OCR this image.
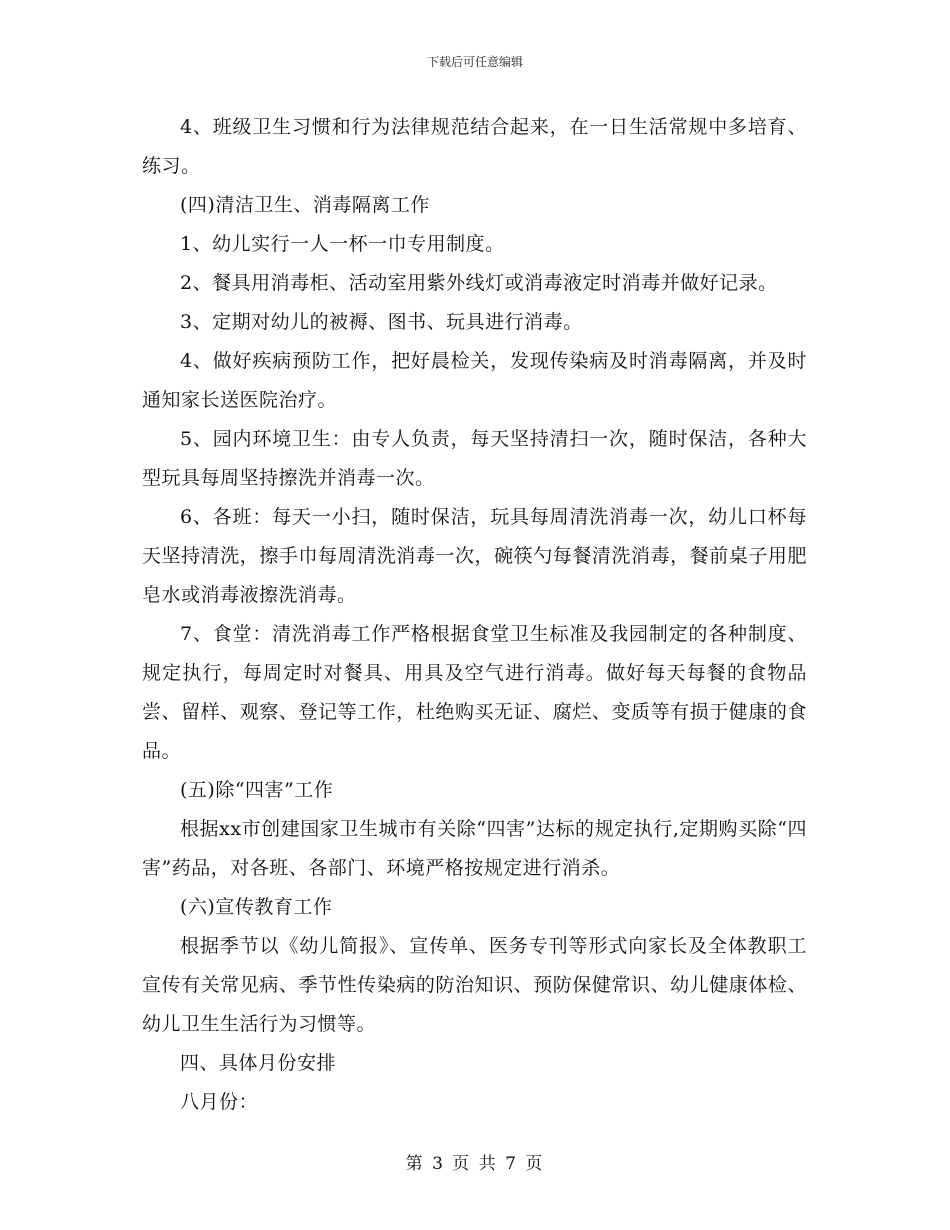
下载后可任意编辑

4、班级卫生习惯和行为法律规范结合起来，在一日生活常规中多培育、练习。

(四)清洁卫生、消毒隔离工作

1、幼儿实行一人一杯一巾专用制度。

2、餐具用消毒柜、活动室用紫外线灯或消毒液定时消毒并做好记录。

3、定期对幼儿的被褥、图书、玩具进行消毒。

4、做好疾病预防工作，把好晨检关，发现传染病及时消毒隔离，并及时通知家长送医院治疗。

5、园内环境卫生：由专人负责，每天坚持清扫一次，随时保洁，各种大型玩具每周坚持擦洗并消毒一次。

6、各班：每天一小扫，随时保洁，玩具每周清洗消毒一次，幼儿口杯每天坚持清洗，擦手巾每周清洗消毒一次，碗筷勺每餐清洗消毒，餐前桌子用肥皂水或消毒液擦洗消毒。

7、食堂：清洗消毒工作严格根据食堂卫生标准及我园制定的各种制度、规定执行，每周定时对餐具、用具及空气进行消毒。做好每天每餐的食物品尝、留样、观察、登记等工作，杜绝购买无证、腐烂、变质等有损于健康的食品。

(五)除“四害”工作

根据xx市创建国家卫生城市有关除“四害”达标的规定执行,定期购买除“四害”药品，对各班、各部门、环境严格按规定进行消杀。

(六)宣传教育工作

根据季节以《幼儿简报》、宣传单、医务专刊等形式向家长及全体教职工宣传有关常见病、季节性传染病的防治知识、预防保健常识、幼儿健康体检、幼儿卫生生活行为习惯等。

四、具体月份安排

八月份：

第 3 页 共 7 页
